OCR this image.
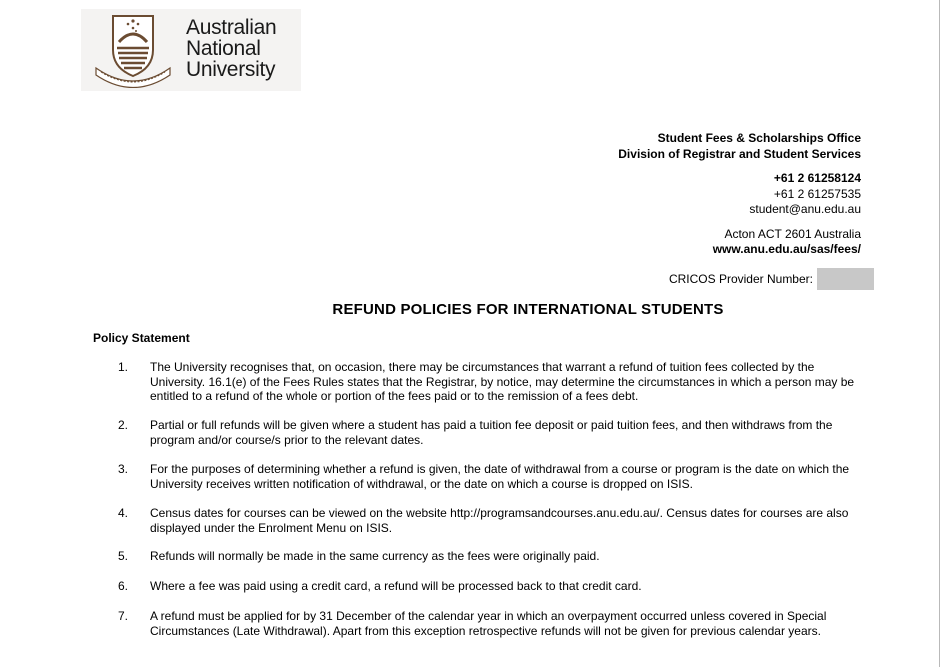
Australian
National
University
Student Fees & Scholarships Office
Division of Registrar and Student Services
+61 2 61258124
+61 2 61257535
student@anu.edu.au
Acton ACT 2601 Australia
www.anu.edu.au/sas/fees/
CRICOS Provider Number:
REFUND POLICIES FOR INTERNATIONAL STUDENTS
Policy Statement
1.	The University recognises that, on occasion, there may be circumstances that warrant a refund of tuition fees collected by the University. 16.1(e) of the Fees Rules states that the Registrar, by notice, may determine the circumstances in which a person may be entitled to a refund of the whole or portion of the fees paid or to the remission of a fees debt.
2.	Partial or full refunds will be given where a student has paid a tuition fee deposit or paid tuition fees, and then withdraws from the program and/or course/s prior to the relevant dates.
3.	For the purposes of determining whether a refund is given, the date of withdrawal from a course or program is the date on which the University receives written notification of withdrawal, or the date on which a course is dropped on ISIS.
4.	Census dates for courses can be viewed on the website http://programsandcourses.anu.edu.au/. Census dates for courses are also displayed under the Enrolment Menu on ISIS.
5.	Refunds will normally be made in the same currency as the fees were originally paid.
6.	Where a fee was paid using a credit card, a refund will be processed back to that credit card.
7.	A refund must be applied for by 31 December of the calendar year in which an overpayment occurred unless covered in Special Circumstances (Late Withdrawal). Apart from this exception retrospective refunds will not be given for previous calendar years.
